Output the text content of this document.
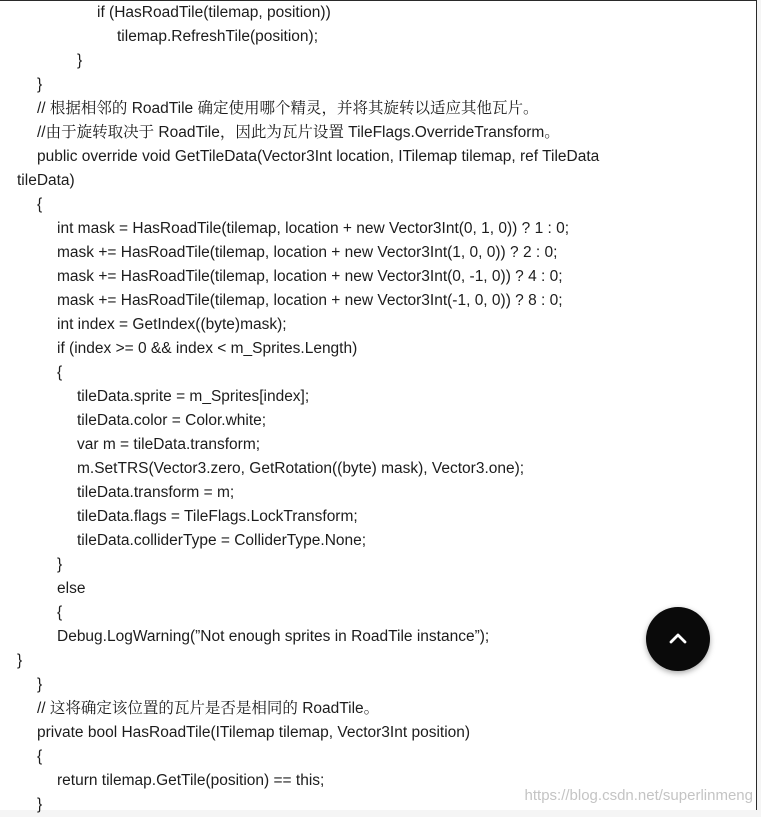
if (HasRoadTile(tilemap, position))
tilemap.RefreshTile(position);
}
}
// 根据相邻的 RoadTile 确定使用哪个精灵，并将其旋转以适应其他瓦片。
//由于旋转取决于 RoadTile，因此为瓦片设置 TileFlags.OverrideTransform。
public override void GetTileData(Vector3Int location, ITilemap tilemap, ref TileData
tileData)
{
int mask = HasRoadTile(tilemap, location + new Vector3Int(0, 1, 0)) ? 1 : 0;
mask += HasRoadTile(tilemap, location + new Vector3Int(1, 0, 0)) ? 2 : 0;
mask += HasRoadTile(tilemap, location + new Vector3Int(0, -1, 0)) ? 4 : 0;
mask += HasRoadTile(tilemap, location + new Vector3Int(-1, 0, 0)) ? 8 : 0;
int index = GetIndex((byte)mask);
if (index >= 0 && index < m_Sprites.Length)
{
tileData.sprite = m_Sprites[index];
tileData.color = Color.white;
var m = tileData.transform;
m.SetTRS(Vector3.zero, GetRotation((byte) mask), Vector3.one);
tileData.transform = m;
tileData.flags = TileFlags.LockTransform;
tileData.colliderType = ColliderType.None;
}
else
{
Debug.LogWarning(”Not enough sprites in RoadTile instance”);
}
}
// 这将确定该位置的瓦片是否是相同的 RoadTile。
private bool HasRoadTile(ITilemap tilemap, Vector3Int position)
{
return tilemap.GetTile(position) == this;
}
https://blog.csdn.net/superlinmeng
